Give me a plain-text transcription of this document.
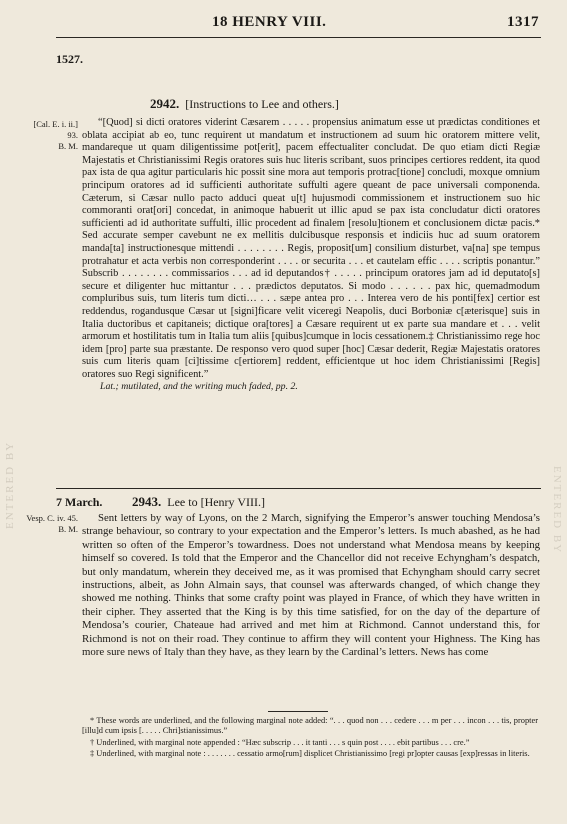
18 HENRY VIII.	1317
1527.
2942. [Instructions to Lee and others.]
[Cal. E. i. ii.]
93.
B. M.

“[Quod] si dicti oratores viderint Cæsarem . . . . . propensius animatum esse ut prædictas conditiones et oblata accipiat ab eo, tunc requirent ut mandatum et instructionem ad suum hic oratorem mittere velit, mandareque ut quam diligentissime pot[erit], pacem effectualiter concludat. De quo etiam dicti Regiæ Majestatis et Christianissimi Regis oratores suis huc literis scribant, suos principes certiores reddent, ita quod pax ista de qua agitur particularis hic possit sine mora aut temporis protrac[tione] concludi, moxque omnium principum oratores ad id sufficienti authoritate suffulti agere queant de pace universali componenda. Cæterum, si Cæsar nullo pacto adduci queat u[t] hujusmodi commissionem et instructionem suo hic commoranti orat[ori] concedat, in animoque habuerit ut illic apud se pax ista concludatur dicti oratores sufficienti ad id authoritate suffulti, illic procedent ad finalem [resolu]tionem et conclusionem dictæ pacis.* Sed accurate semper cavebunt ne ex mellitis dulcibusque responsis et indiciis huc ad suum oratorem manda[ta] instructionesque mittendi . . . . . . . . Regis, proposit[um] consilium disturbet, va[na] spe tempus protrahatur et acta verbis non corresponderint . . . . or securita . . . et cautelam effic . . . . scriptis ponantur.” Subscrib . . . . . . . . commissarios . . . ad id deputandos† . . . . . principum oratores jam ad id deputato[s] secure et diligenter huc mittantur . . . prædictos deputatos. Si modo . . . . . . pax hic, quemadmodum compluribus suis, tum literis tum dicti… . . . sæpe antea pro . . . Interea vero de his ponti[fex] certior est reddendus, rogandusque Cæsar ut [signi]ficare velit viceregi Neapolis, duci Borboniæ c[æterisque] suis in Italia ductoribus et capitaneis; dictique ora[tores] a Cæsare requirent ut ex parte sua mandare et . . . velit armorum et hostilitatis tum in Italia tum aliis [quibus]cumque in locis cessationem.‡ Christianissimo rege hoc idem [pro] parte sua præstante. De responso vero quod super [hoc] Cæsar dederit, Regiæ Majestatis oratores suis cum literis quam [ci]tissime c[ertiorem] reddent, efficientque ut hoc idem Christianissimi [Regis] oratores suo Regi significent.”

Lat.; mutilated, and the writing much faded, pp. 2.

7 March. 2943. Lee to [Henry VIII.]
Vesp. C. iv. 45.
B. M.

Sent letters by way of Lyons, on the 2 March, signifying the Emperor’s answer touching Mendosa’s strange behaviour, so contrary to your expectation and the Emperor’s letters. Is much abashed, as he had written so often of the Emperor’s towardness. Does not understand what Mendosa means by keeping himself so covered. Is told that the Emperor and the Chancellor did not receive Echyngham’s despatch, but only mandatum, wherein they deceived me, as it was promised that Echyngham should carry secret instructions, albeit, as John Almain says, that counsel was afterwards changed, of which change they showed me nothing. Thinks that some crafty point was played in France, of which they have written in their cipher. They asserted that the King is by this time satisfied, for on the day of the departure of Mendosa’s courier, Chateaue had arrived and met him at Richmond. Cannot understand this, for Richmond is not on their road. They continue to affirm they will content your Highness. The King has more sure news of Italy than they have, as they learn by the Cardinal’s letters. News has come

* These words are underlined, and the following marginal note added: “. . . quod non . . . cedere . . . m per . . . incon . . . tis, propter [illu]d cum ipsis [. . . . . Chri]stianissimus.”

† Underlined, with marginal note appended : “Hæc subscrip . . . it tanti . . . s quin post . . . . ebit partibus . . . cre.”

‡ Underlined, with marginal note : . . . . . . . cessatio armo[rum] displicet Christianissimo [regi pr]opter causas [exp]ressas in literis.

ENTERED BY	ENTERED BY
